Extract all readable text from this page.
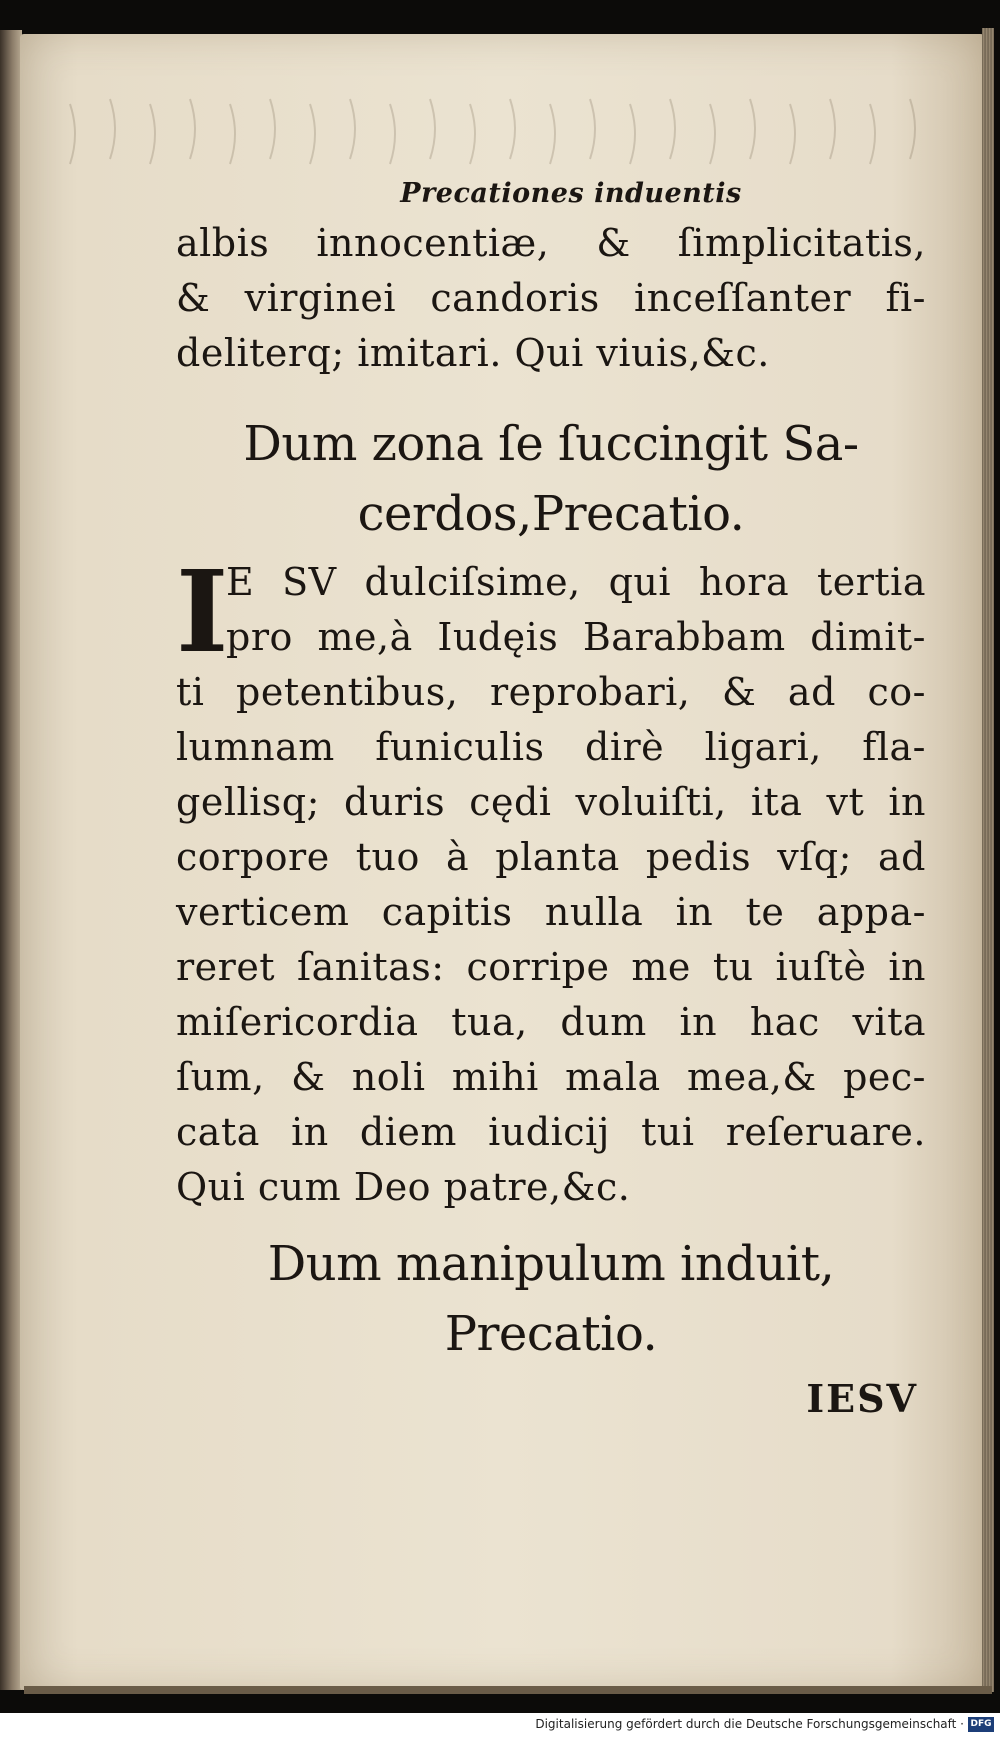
Precationes induentis
albis innocentiæ, & ſimplicitatis,
& virginei candoris inceſſanter fi-
deliterq; imitari. Qui viuis,&c.
Dum zona ſe ſuccingit Sa-
cerdos,Precatio.
I
E SV dulciſsime, qui hora tertia
pro me,à Iudęis Barabbam dimit-
ti petentibus, reprobari, & ad co-
lumnam funiculis dirè ligari, fla-
gellisq; duris cędi voluiſti, ita vt in
corpore tuo à planta pedis vſq; ad
verticem capitis nulla in te appa-
reret ſanitas: corripe me tu iuſtè in
miſericordia tua, dum in hac vita
ſum, & noli mihi mala mea,& pec-
cata in diem iudicij tui reſeruare.
Qui cum Deo patre,&c.
Dum manipulum induit,
Precatio.
IESV
Digitalisierung gefördert durch die Deutsche Forschungsgemeinschaft · DFG
